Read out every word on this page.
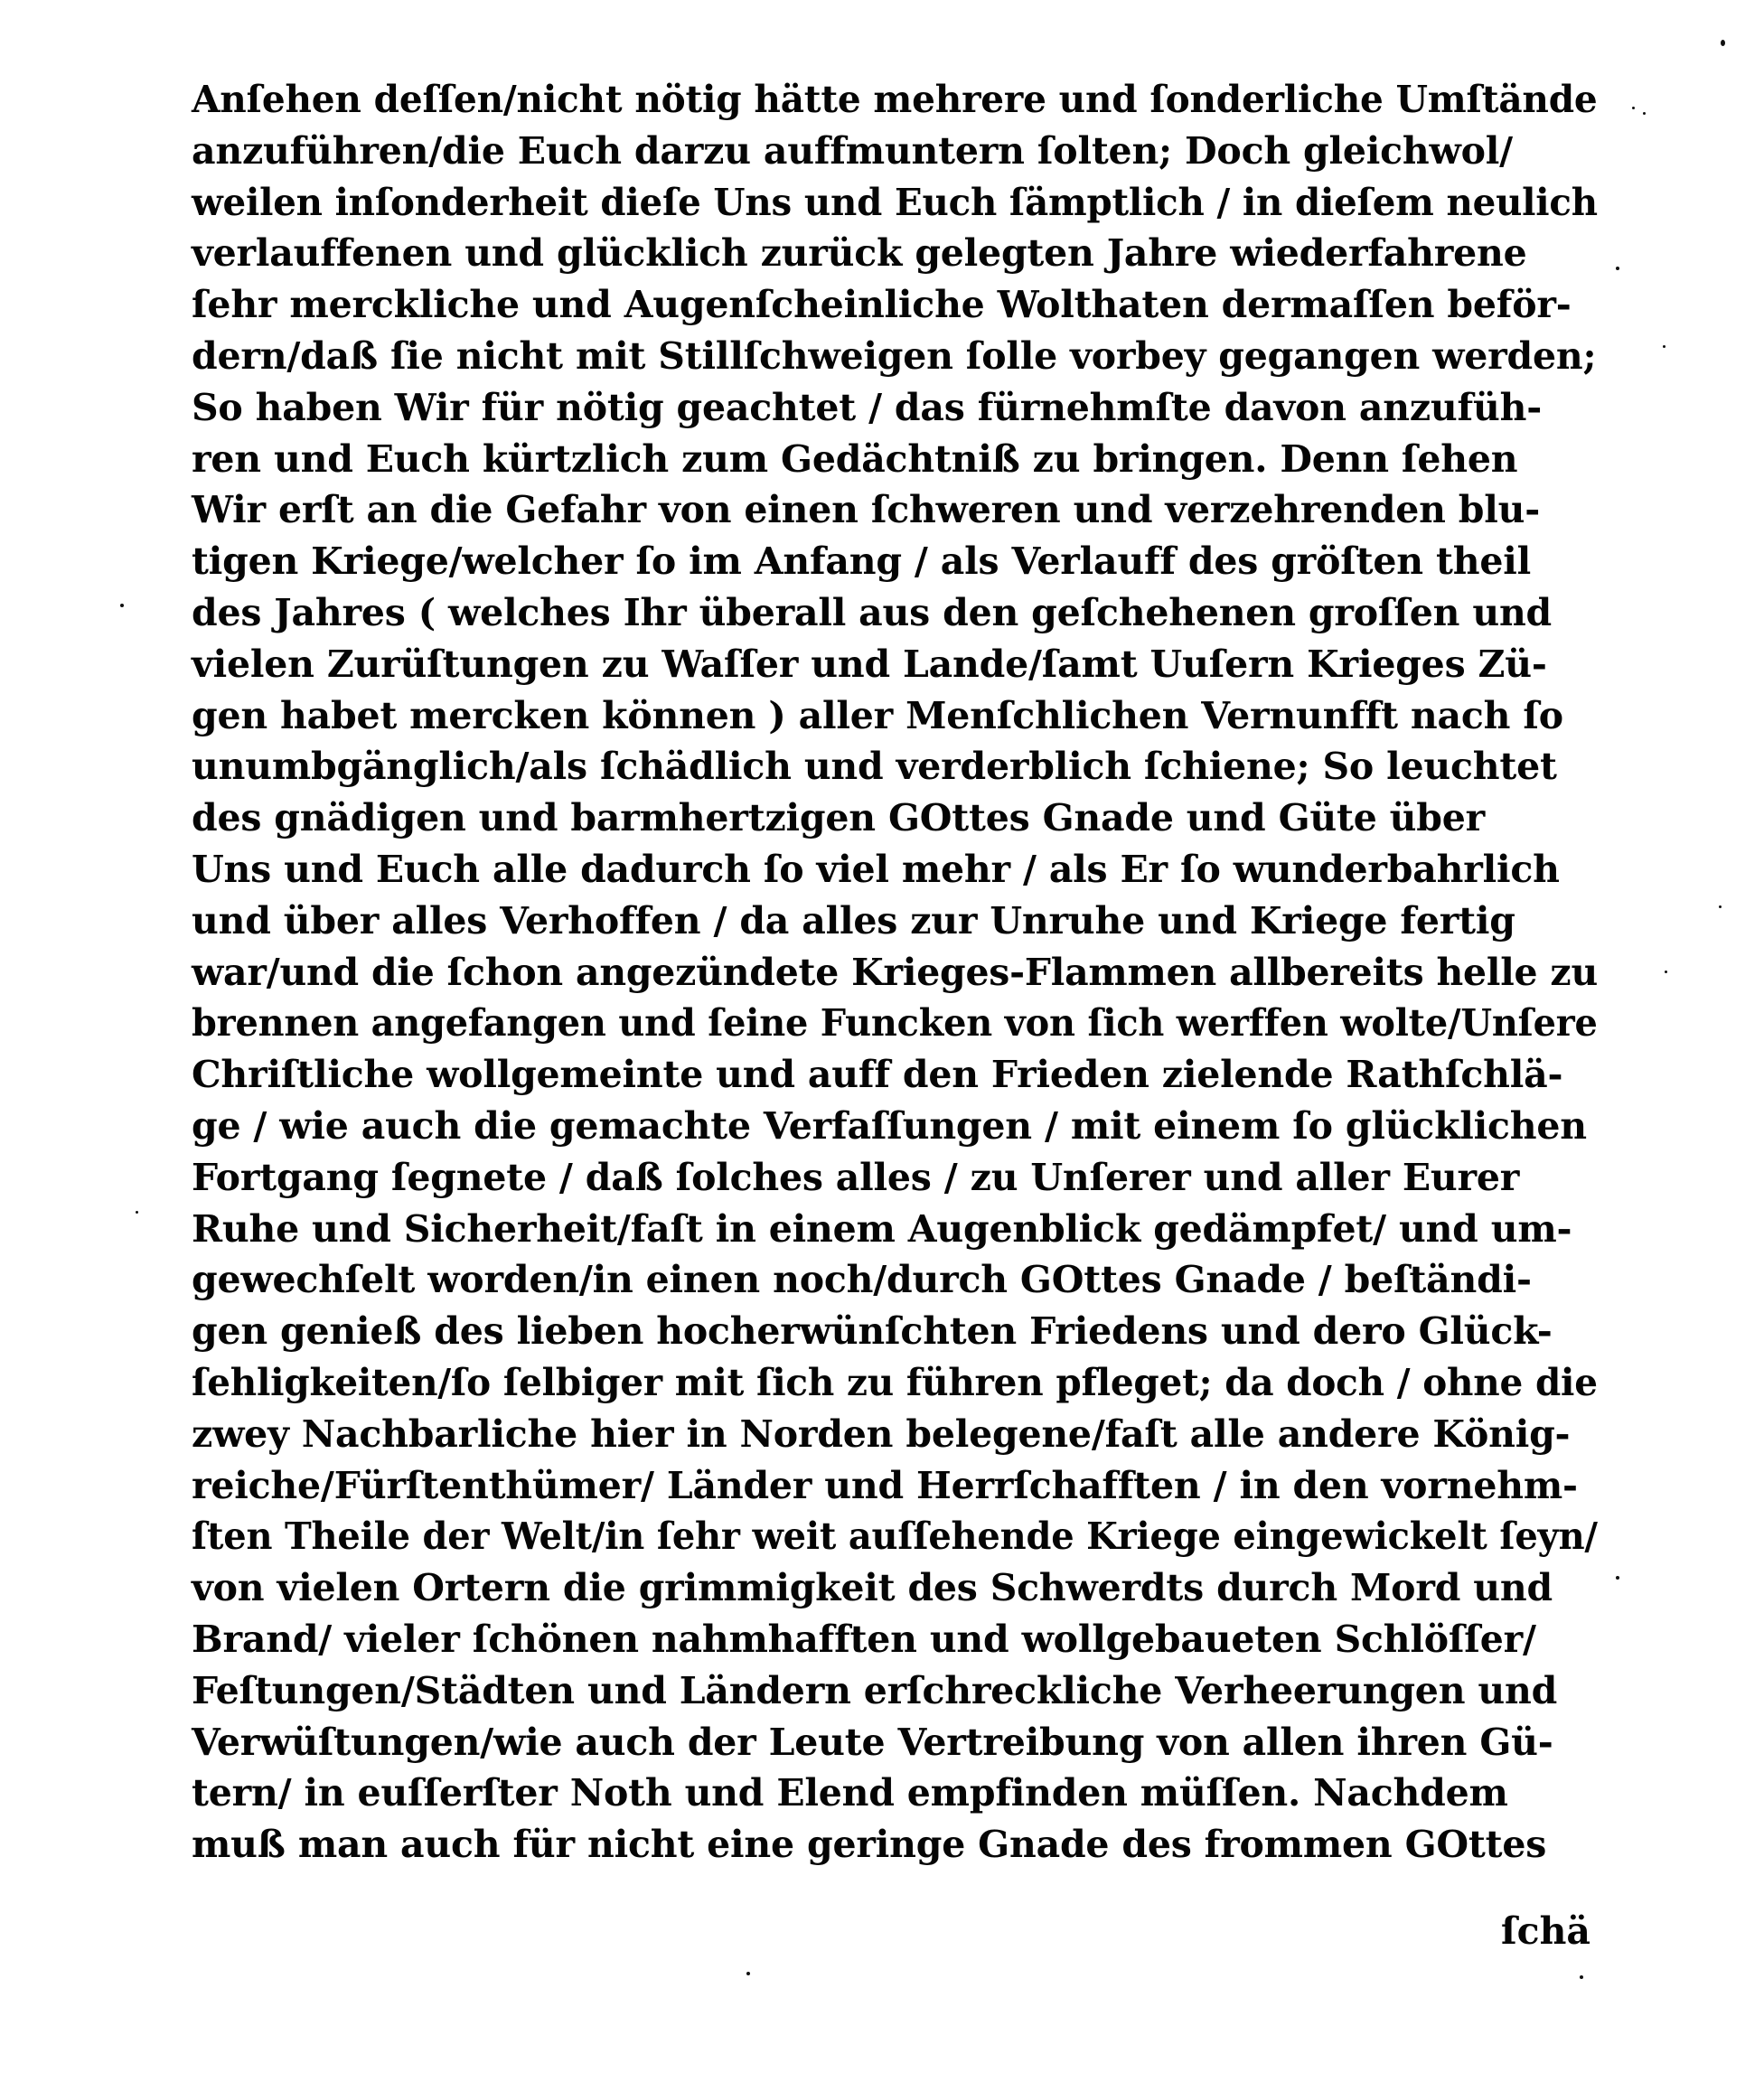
Anſehen deſſen/nicht nötig hätte mehrere und ſonderliche Umſtände
anzuführen/die Euch darzu auffmuntern ſolten; Doch gleichwol/
weilen inſonderheit dieſe Uns und Euch ſämptlich / in dieſem neulich
verlauffenen und glücklich zurück gelegten Jahre wiederfahrene
ſehr merckliche und Augenſcheinliche Wolthaten dermaſſen beför-
dern/daß ſie nicht mit Stillſchweigen ſolle vorbey gegangen werden;
So haben Wir für nötig geachtet / das fürnehmſte davon anzufüh-
ren und Euch kürtzlich zum Gedächtniß zu bringen. Denn ſehen
Wir erſt an die Gefahr von einen ſchweren und verzehrenden blu-
tigen Kriege/welcher ſo im Anfang / als Verlauff des gröſten theil
des Jahres ( welches Ihr überall aus den geſchehenen groſſen und
vielen Zurüſtungen zu Waſſer und Lande/ſamt Uuſern Krieges Zü-
gen habet mercken können ) aller Menſchlichen Vernunfft nach ſo
unumbgänglich/als ſchädlich und verderblich ſchiene; So leuchtet
des gnädigen und barmhertzigen GOttes Gnade und Güte über
Uns und Euch alle dadurch ſo viel mehr / als Er ſo wunderbahrlich
und über alles Verhoffen / da alles zur Unruhe und Kriege fertig
war/und die ſchon angezündete Krieges-Flammen allbereits helle zu
brennen angefangen und ſeine Funcken von ſich werffen wolte/Unſere
Chriſtliche wollgemeinte und auff den Frieden zielende Rathſchlä-
ge / wie auch die gemachte Verfaſſungen / mit einem ſo glücklichen
Fortgang ſegnete / daß ſolches alles / zu Unſerer und aller Eurer
Ruhe und Sicherheit/faſt in einem Augenblick gedämpfet/ und um-
gewechſelt worden/in einen noch/durch GOttes Gnade / beſtändi-
gen genieß des lieben hocherwünſchten Friedens und dero Glück-
ſehligkeiten/ſo ſelbiger mit ſich zu führen pfleget; da doch / ohne die
zwey Nachbarliche hier in Norden belegene/faſt alle andere König-
reiche/Fürſtenthümer/ Länder und Herrſchafften / in den vornehm-
ſten Theile der Welt/in ſehr weit auſſehende Kriege eingewickelt ſeyn/
von vielen Ortern die grimmigkeit des Schwerdts durch Mord und
Brand/ vieler ſchönen nahmhafften und wollgebaueten Schlöſſer/
Feſtungen/Städten und Ländern erſchreckliche Verheerungen und
Verwüſtungen/wie auch der Leute Vertreibung von allen ihren Gü-
tern/ in euſſerſter Noth und Elend empfinden müſſen. Nachdem
muß man auch für nicht eine geringe Gnade des frommen GOttes
ſchä
